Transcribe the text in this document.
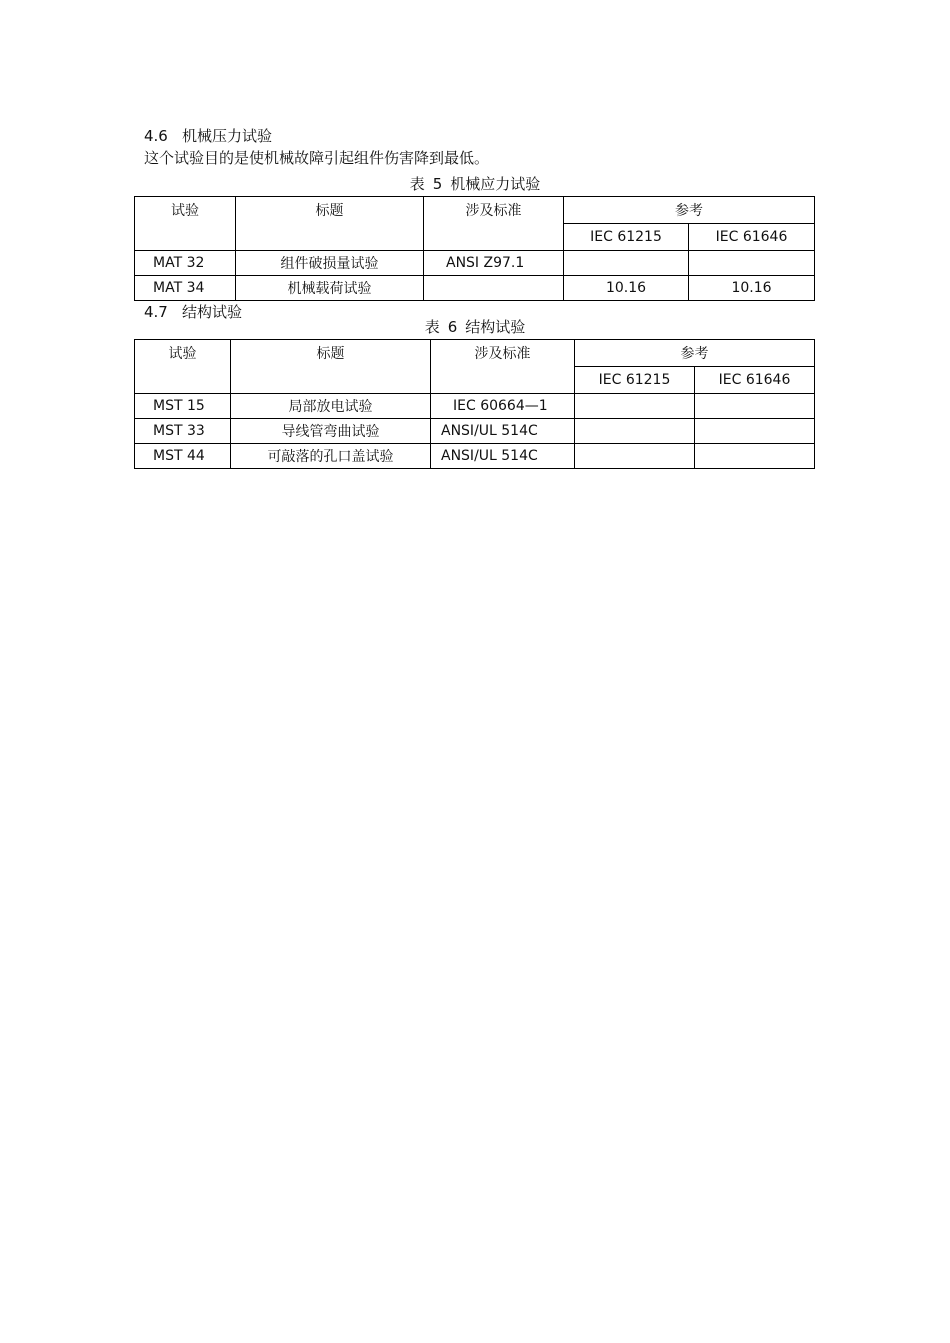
4.6 机械压力试验

这个试验目的是使机械故障引起组件伤害降到最低。

表 5 机械应力试验
试验	标题	涉及标准	参考	
			IEC 61215	IEC 61646
MAT 32	组件破损量试验	ANSI Z97.1		
MAT 34	机械载荷试验		10.16	10.16
4.7 结构试验
表 6 结构试验
试验	标题	涉及标准	参考	
			IEC 61215	IEC 61646
MST 15	局部放电试验	IEC 60664—1		
MST 33	导线管弯曲试验	ANSI/UL 514C		
MST 44	可敲落的孔口盖试验	ANSI/UL 514C		
